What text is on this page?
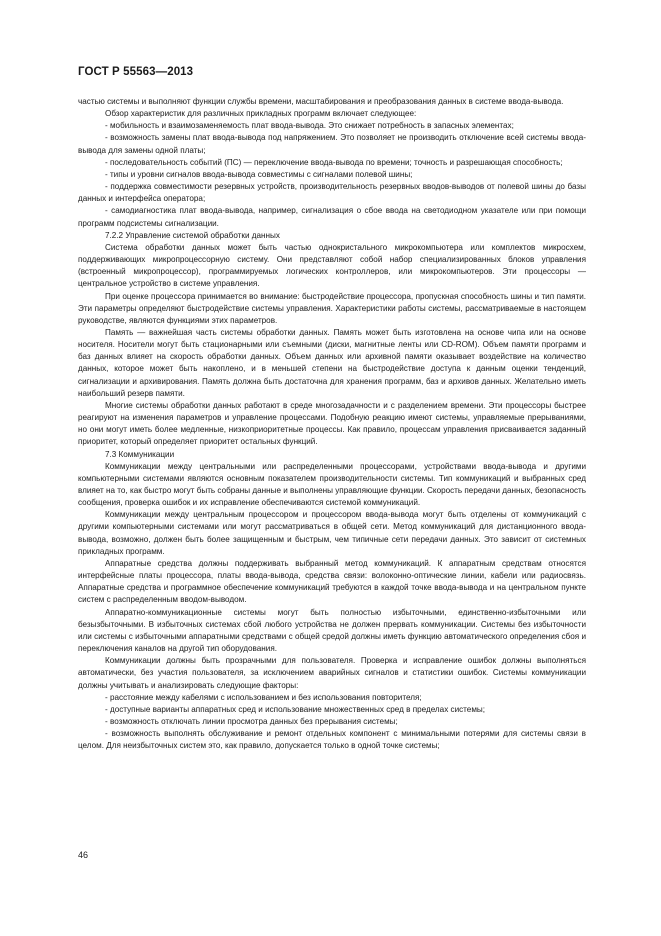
ГОСТ Р 55563—2013

частью системы и выполняют функции службы времени, масштабирования и преобразования данных в системе ввода-вывода.

Обзор характеристик для различных прикладных программ включает следующее:

- мобильность и взаимозаменяемость плат ввода-вывода. Это снижает потребность в запасных элементах;

- возможность замены плат ввода-вывода под напряжением. Это позволяет не производить отключение всей системы ввода-вывода для замены одной платы;

- последовательность событий (ПС) — переключение ввода-вывода по времени; точность и разрешающая способность;

- типы и уровни сигналов ввода-вывода совместимы с сигналами полевой шины;

- поддержка совместимости резервных устройств, производительность резервных вводов-выводов от полевой шины до базы данных и интерфейса оператора;

- самодиагностика плат ввода-вывода, например, сигнализация о сбое ввода на светодиодном указателе или при помощи программ подсистемы сигнализации.

7.2.2 Управление системой обработки данных

Система обработки данных может быть частью однокристального микрокомпьютера или комплектов микросхем, поддерживающих микропроцессорную систему. Они представляют собой набор специализированных блоков управления (встроенный микропроцессор), программируемых логических контроллеров, или микрокомпьютеров. Эти процессоры — центральное устройство в системе управления.

При оценке процессора принимается во внимание: быстродействие процессора, пропускная способность шины и тип памяти. Эти параметры определяют быстродействие системы управления. Характеристики работы системы, рассматриваемые в настоящем руководстве, являются функциями этих параметров.

Память — важнейшая часть системы обработки данных. Память может быть изготовлена на основе чипа или на основе носителя. Носители могут быть стационарными или съемными (диски, магнитные ленты или CD-ROM). Объем памяти программ и баз данных влияет на скорость обработки данных. Объем данных или архивной памяти оказывает воздействие на количество данных, которое может быть накоплено, и в меньшей степени на быстродействие доступа к данным оценки тенденций, сигнализации и архивирования. Память должна быть достаточна для хранения программ, баз и архивов данных. Желательно иметь наибольший резерв памяти.

Многие системы обработки данных работают в среде многозадачности и с разделением времени. Эти процессоры быстрее реагируют на изменения параметров и управление процессами. Подобную реакцию имеют системы, управляемые прерываниями, но они могут иметь более медленные, низкоприоритетные процессы. Как правило, процессам управления присваивается заданный приоритет, который определяет приоритет остальных функций.

7.3 Коммуникации

Коммуникации между центральными или распределенными процессорами, устройствами ввода-вывода и другими компьютерными системами являются основным показателем производительности системы. Тип коммуникаций и выбранных сред влияет на то, как быстро могут быть собраны данные и выполнены управляющие функции. Скорость передачи данных, безопасность сообщения, проверка ошибок и их исправление обеспечиваются системой коммуникаций.

Коммуникации между центральным процессором и процессором ввода-вывода могут быть отделены от коммуникаций с другими компьютерными системами или могут рассматриваться в общей сети. Метод коммуникаций для дистанционного ввода-вывода, возможно, должен быть более защищенным и быстрым, чем типичные сети передачи данных. Это зависит от системных прикладных программ.

Аппаратные средства должны поддерживать выбранный метод коммуникаций. К аппаратным средствам относятся интерфейсные платы процессора, платы ввода-вывода, средства связи: волоконно-оптические линии, кабели или радиосвязь. Аппаратные средства и программное обеспечение коммуникаций требуются в каждой точке ввода-вывода и на центральном пункте систем с распределенным вводом-выводом.

Аппаратно-коммуникационные системы могут быть полностью избыточными, единственно-избыточными или безызбыточными. В избыточных системах сбой любого устройства не должен прервать коммуникации. Системы без избыточности или системы с избыточными аппаратными средствами с общей средой должны иметь функцию автоматического определения сбоя и переключения каналов на другой тип оборудования.

Коммуникации должны быть прозрачными для пользователя. Проверка и исправление ошибок должны выполняться автоматически, без участия пользователя, за исключением аварийных сигналов и статистики ошибок. Системы коммуникации должны учитывать и анализировать следующие факторы:

- расстояние между кабелями с использованием и без использования повторителя;

- доступные варианты аппаратных сред и использование множественных сред в пределах системы;

- возможность отключать линии просмотра данных без прерывания системы;

- возможность выполнять обслуживание и ремонт отдельных компонент с минимальными потерями для системы связи в целом. Для неизбыточных систем это, как правило, допускается только в одной точке системы;

46
